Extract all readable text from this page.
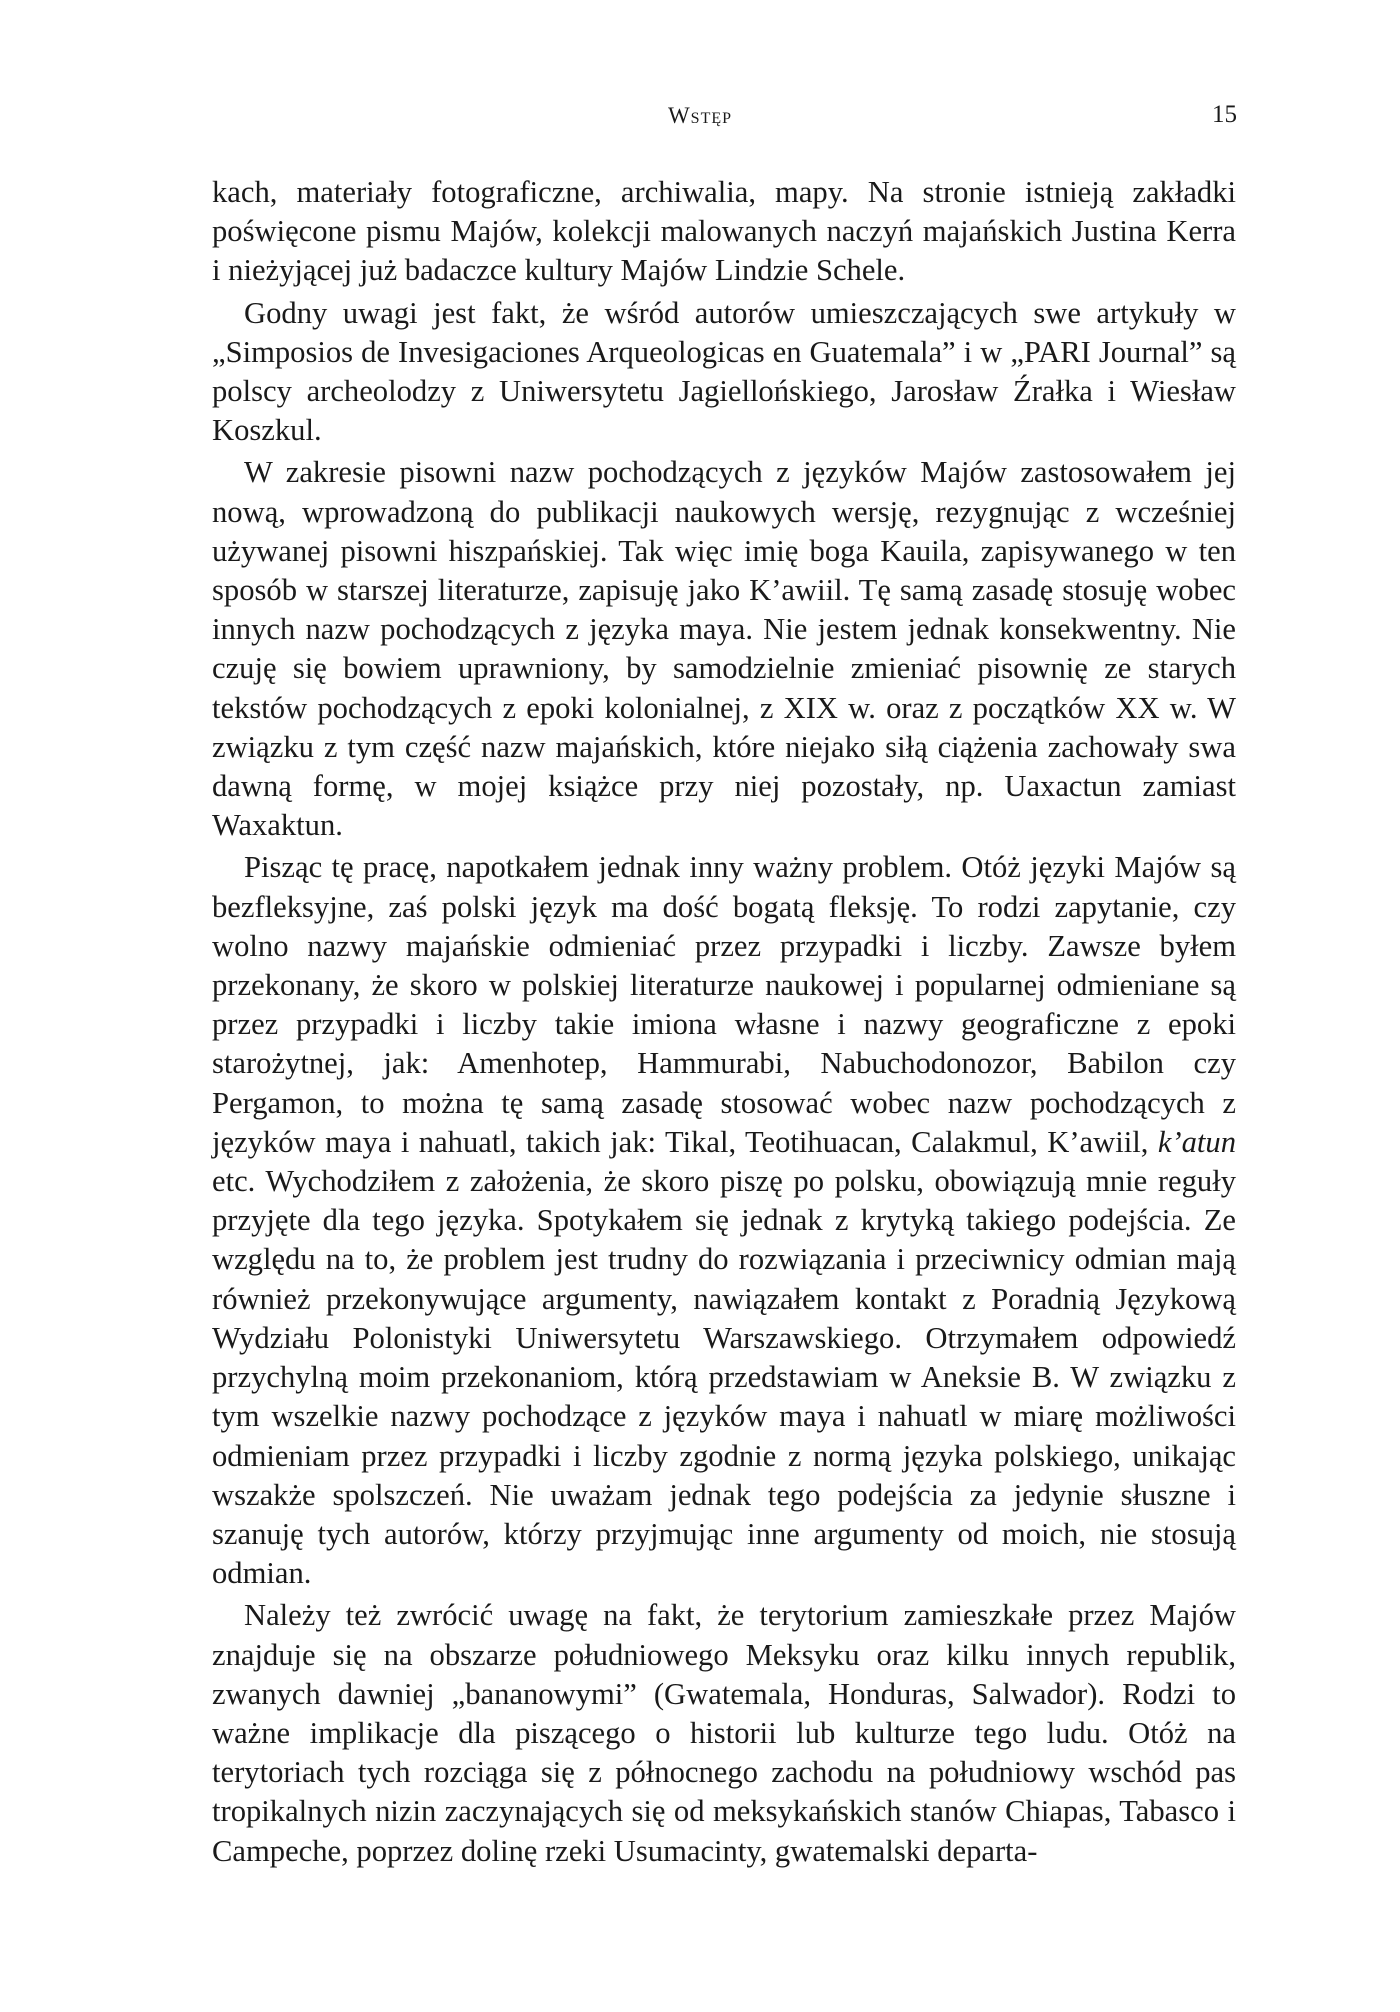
Wstęp	15

kach, materiały fotograficzne, archiwalia, mapy. Na stronie istnieją zakładki poświęcone pismu Majów, kolekcji malowanych naczyń majańskich Justina Kerra i nieżyjącej już badaczce kultury Majów Lindzie Schele.

Godny uwagi jest fakt, że wśród autorów umieszczających swe artykuły w „Simposios de Invesigaciones Arqueologicas en Guatemala” i w „PARI Journal” są polscy archeolodzy z Uniwersytetu Jagiellońskiego, Jarosław Źrałka i Wiesław Koszkul.

W zakresie pisowni nazw pochodzących z języków Majów zastosowałem jej nową, wprowadzoną do publikacji naukowych wersję, rezygnując z wcześniej używanej pisowni hiszpańskiej. Tak więc imię boga Kauila, zapisywanego w ten sposób w starszej literaturze, zapisuję jako K’awiil. Tę samą zasadę stosuję wobec innych nazw pochodzących z języka maya. Nie jestem jednak konsekwentny. Nie czuję się bowiem uprawniony, by samodzielnie zmieniać pisownię ze starych tekstów pochodzących z epoki kolonialnej, z XIX w. oraz z początków XX w. W związku z tym część nazw majańskich, które niejako siłą ciążenia zachowały swa dawną formę, w mojej książce przy niej pozostały, np. Uaxactun zamiast Waxaktun.

Pisząc tę pracę, napotkałem jednak inny ważny problem. Otóż języki Majów są bezfleksyjne, zaś polski język ma dość bogatą fleksję. To rodzi zapytanie, czy wolno nazwy majańskie odmieniać przez przypadki i liczby. Zawsze byłem przekonany, że skoro w polskiej literaturze naukowej i popularnej odmieniane są przez przypadki i liczby takie imiona własne i nazwy geograficzne z epoki starożytnej, jak: Amenhotep, Hammurabi, Nabuchodonozor, Babilon czy Pergamon, to można tę samą zasadę stosować wobec nazw pochodzących z języków maya i nahuatl, takich jak: Tikal, Teotihuacan, Calakmul, K’awiil, k’atun etc. Wychodziłem z założenia, że skoro piszę po polsku, obowiązują mnie reguły przyjęte dla tego języka. Spotykałem się jednak z krytyką takiego podejścia. Ze względu na to, że problem jest trudny do rozwiązania i przeciwnicy odmian mają również przekonywujące argumenty, nawiązałem kontakt z Poradnią Językową Wydziału Polonistyki Uniwersytetu Warszawskiego. Otrzymałem odpowiedź przychylną moim przekonaniom, którą przedstawiam w Aneksie B. W związku z tym wszelkie nazwy pochodzące z języków maya i nahuatl w miarę możliwości odmieniam przez przypadki i liczby zgodnie z normą języka polskiego, unikając wszakże spolszczeń. Nie uważam jednak tego podejścia za jedynie słuszne i szanuję tych autorów, którzy przyjmując inne argumenty od moich, nie stosują odmian.

Należy też zwrócić uwagę na fakt, że terytorium zamieszkałe przez Majów znajduje się na obszarze południowego Meksyku oraz kilku innych republik, zwanych dawniej „bananowymi” (Gwatemala, Honduras, Salwador). Rodzi to ważne implikacje dla piszącego o historii lub kulturze tego ludu. Otóż na terytoriach tych rozciąga się z północnego zachodu na południowy wschód pas tropikalnych nizin zaczynających się od meksykańskich stanów Chiapas, Tabasco i Campeche, poprzez dolinę rzeki Usumacinty, gwatemalski departa-
